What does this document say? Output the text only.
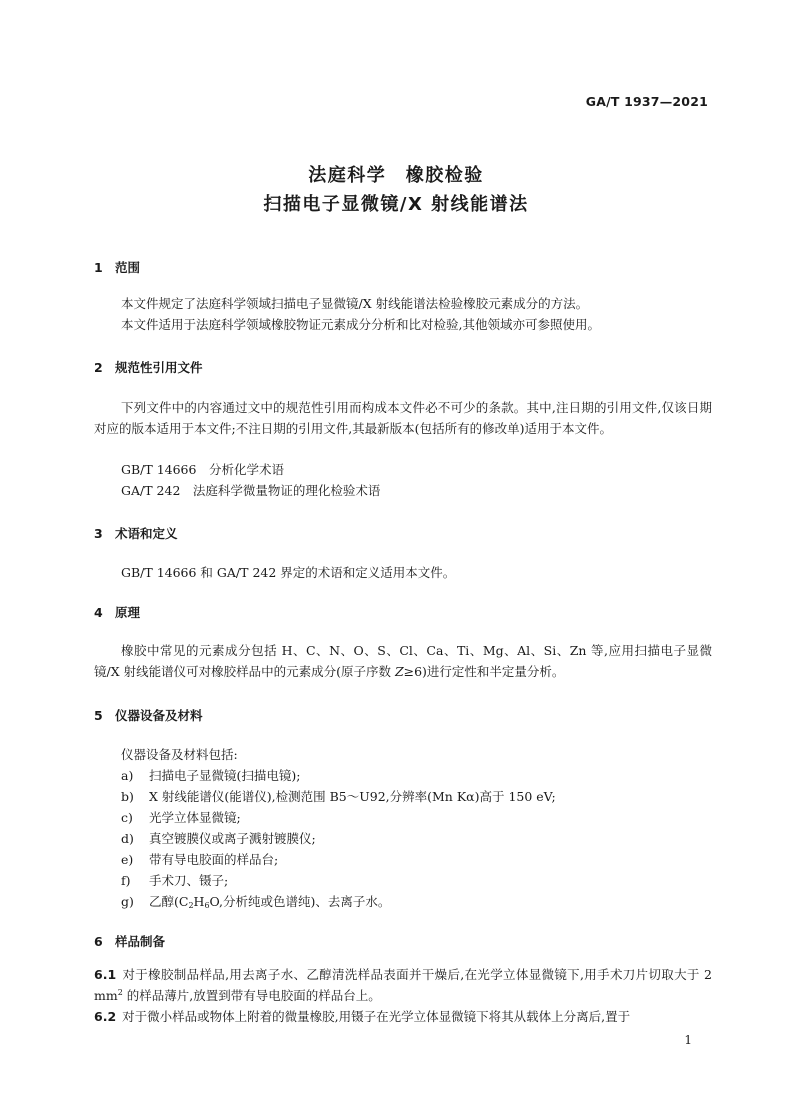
GA/T 1937—2021
法庭科学　橡胶检验
扫描电子显微镜/X 射线能谱法
1 范围
本文件规定了法庭科学领域扫描电子显微镜/X 射线能谱法检验橡胶元素成分的方法。
本文件适用于法庭科学领域橡胶物证元素成分分析和比对检验,其他领域亦可参照使用。
2 规范性引用文件
下列文件中的内容通过文中的规范性引用而构成本文件必不可少的条款。其中,注日期的引用文件,仅该日期对应的版本适用于本文件;不注日期的引用文件,其最新版本(包括所有的修改单)适用于本文件。
GB/T 14666　分析化学术语
GA/T 242　法庭科学微量物证的理化检验术语
3 术语和定义
GB/T 14666 和 GA/T 242 界定的术语和定义适用本文件。
4 原理
橡胶中常见的元素成分包括 H、C、N、O、S、Cl、Ca、Ti、Mg、Al、Si、Zn 等,应用扫描电子显微镜/X 射线能谱仪可对橡胶样品中的元素成分(原子序数 Z≥6)进行定性和半定量分析。
5 仪器设备及材料
仪器设备及材料包括:
a) 扫描电子显微镜(扫描电镜);
b) X 射线能谱仪(能谱仪),检测范围 B5～U92,分辨率(Mn Kα)高于 150 eV;
c) 光学立体显微镜;
d) 真空镀膜仪或离子溅射镀膜仪;
e) 带有导电胶面的样品台;
f) 手术刀、镊子;
g) 乙醇($C_2H_6O$,分析纯或色谱纯)、去离子水。
6 样品制备
6.1 对于橡胶制品样品,用去离子水、乙醇清洗样品表面并干燥后,在光学立体显微镜下,用手术刀片切取大于 2 $mm^2$ 的样品薄片,放置到带有导电胶面的样品台上。
6.2 对于微小样品或物体上附着的微量橡胶,用镊子在光学立体显微镜下将其从载体上分离后,置于
1
